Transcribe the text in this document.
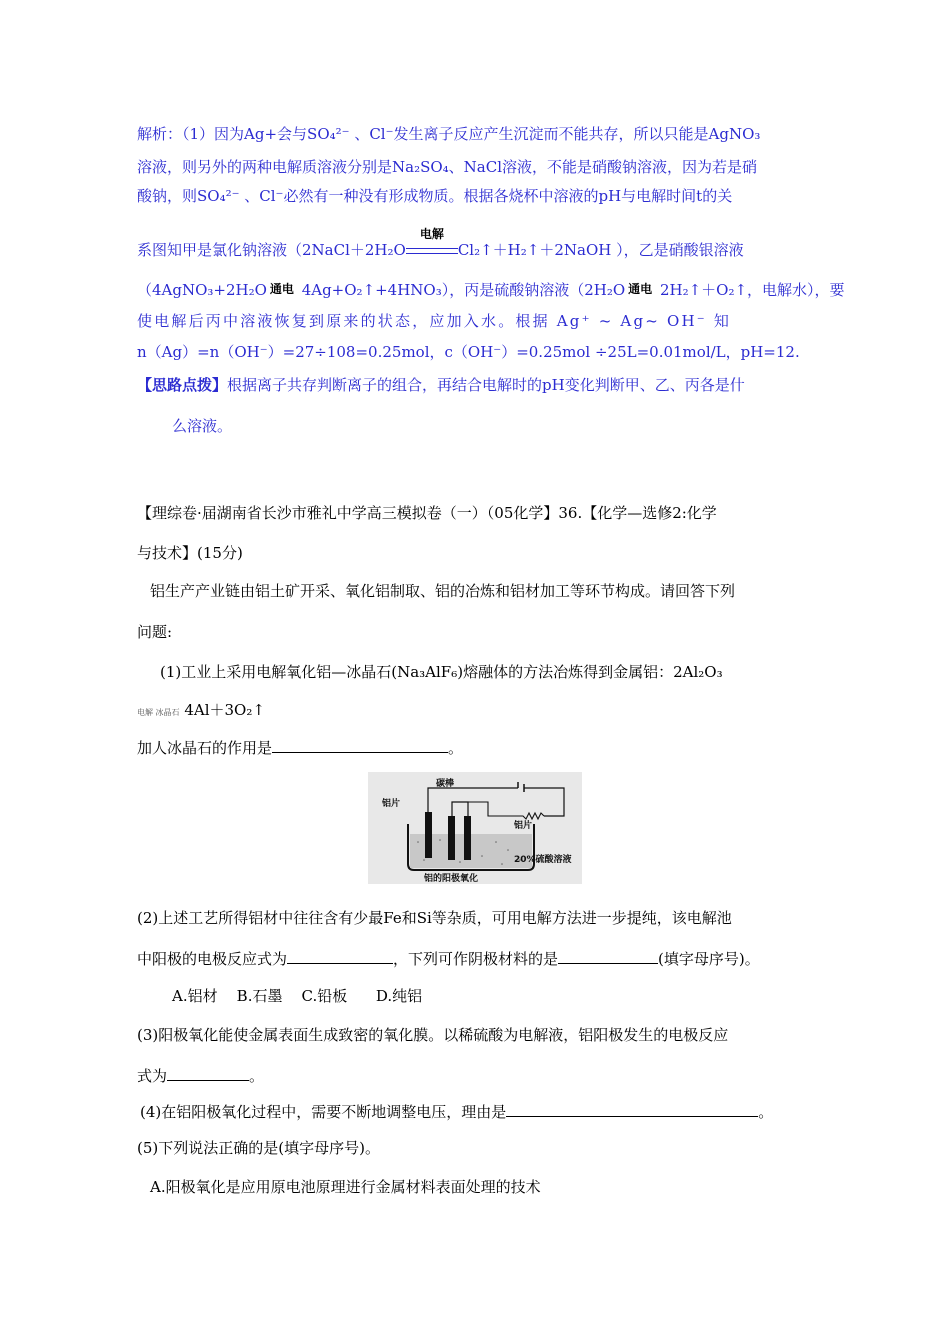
解析：（1）因为Ag+会与SO₄²⁻ 、Cl⁻发生离子反应产生沉淀而不能共存，所以只能是AgNO₃
溶液，则另外的两种电解质溶液分别是Na₂SO₄、NaCl溶液，不能是硝酸钠溶液，因为若是硝
酸钠，则SO₄²⁻ 、Cl⁻必然有一种没有形成物质。根据各烧杯中溶液的pH与电解时间t的关
系图知甲是氯化钠溶液（2NaCl＋2H₂O
电解
Cl₂↑＋H₂↑＋2NaOH ），乙是硝酸银溶液
（4AgNO₃+2H₂O 通电 4Ag+O₂↑+4HNO₃），丙是硫酸钠溶液（2H₂O 通电 2H₂↑＋O₂↑，电解水），要
使电解后丙中溶液恢复到原来的状态，应加入水。根据 Ag⁺ ~ Ag~ OH⁻ 知
n（Ag）=n（OH⁻）=27÷108=0.25mol，c（OH⁻）=0.25mol ÷25L=0.01mol/L，pH=12.
【思路点拨】根据离子共存判断离子的组合，再结合电解时的pH变化判断甲、乙、丙各是什
么溶液。
【理综卷·届湖南省长沙市雅礼中学高三模拟卷（一）（05化学】36.【化学—选修2:化学
与技术】(15分)
铝生产产业链由铝土矿开采、氧化铝制取、铝的冶炼和铝材加工等环节构成。请回答下列
问题:
(1)工业上采用电解氧化铝—冰晶石(Na₃AlF₆)熔融体的方法冶炼得到金属铝：2Al₂O₃
电解 冰晶石 4Al＋3O₂↑
加人冰晶石的作用是	。
碳棒
铝片
铝片
20%硫酸溶液
铝的阳极氧化
(2)上述工艺所得铝材中往往含有少最Fe和Si等杂质，可用电解方法进一步提纯，该电解池
中阳极的电极反应式为	，下列可作阴极材料的是	(填字母序号)。
A.铝材    B.石墨    C.铅板      D.纯铝
(3)阳极氧化能使金属表面生成致密的氧化膜。以稀硫酸为电解液，铝阳极发生的电极反应
式为	。
(4)在铝阳极氧化过程中，需要不断地调整电压，理由是	。
(5)下列说法正确的是(填字母序号)。
A.阳极氧化是应用原电池原理进行金属材料表面处理的技术
